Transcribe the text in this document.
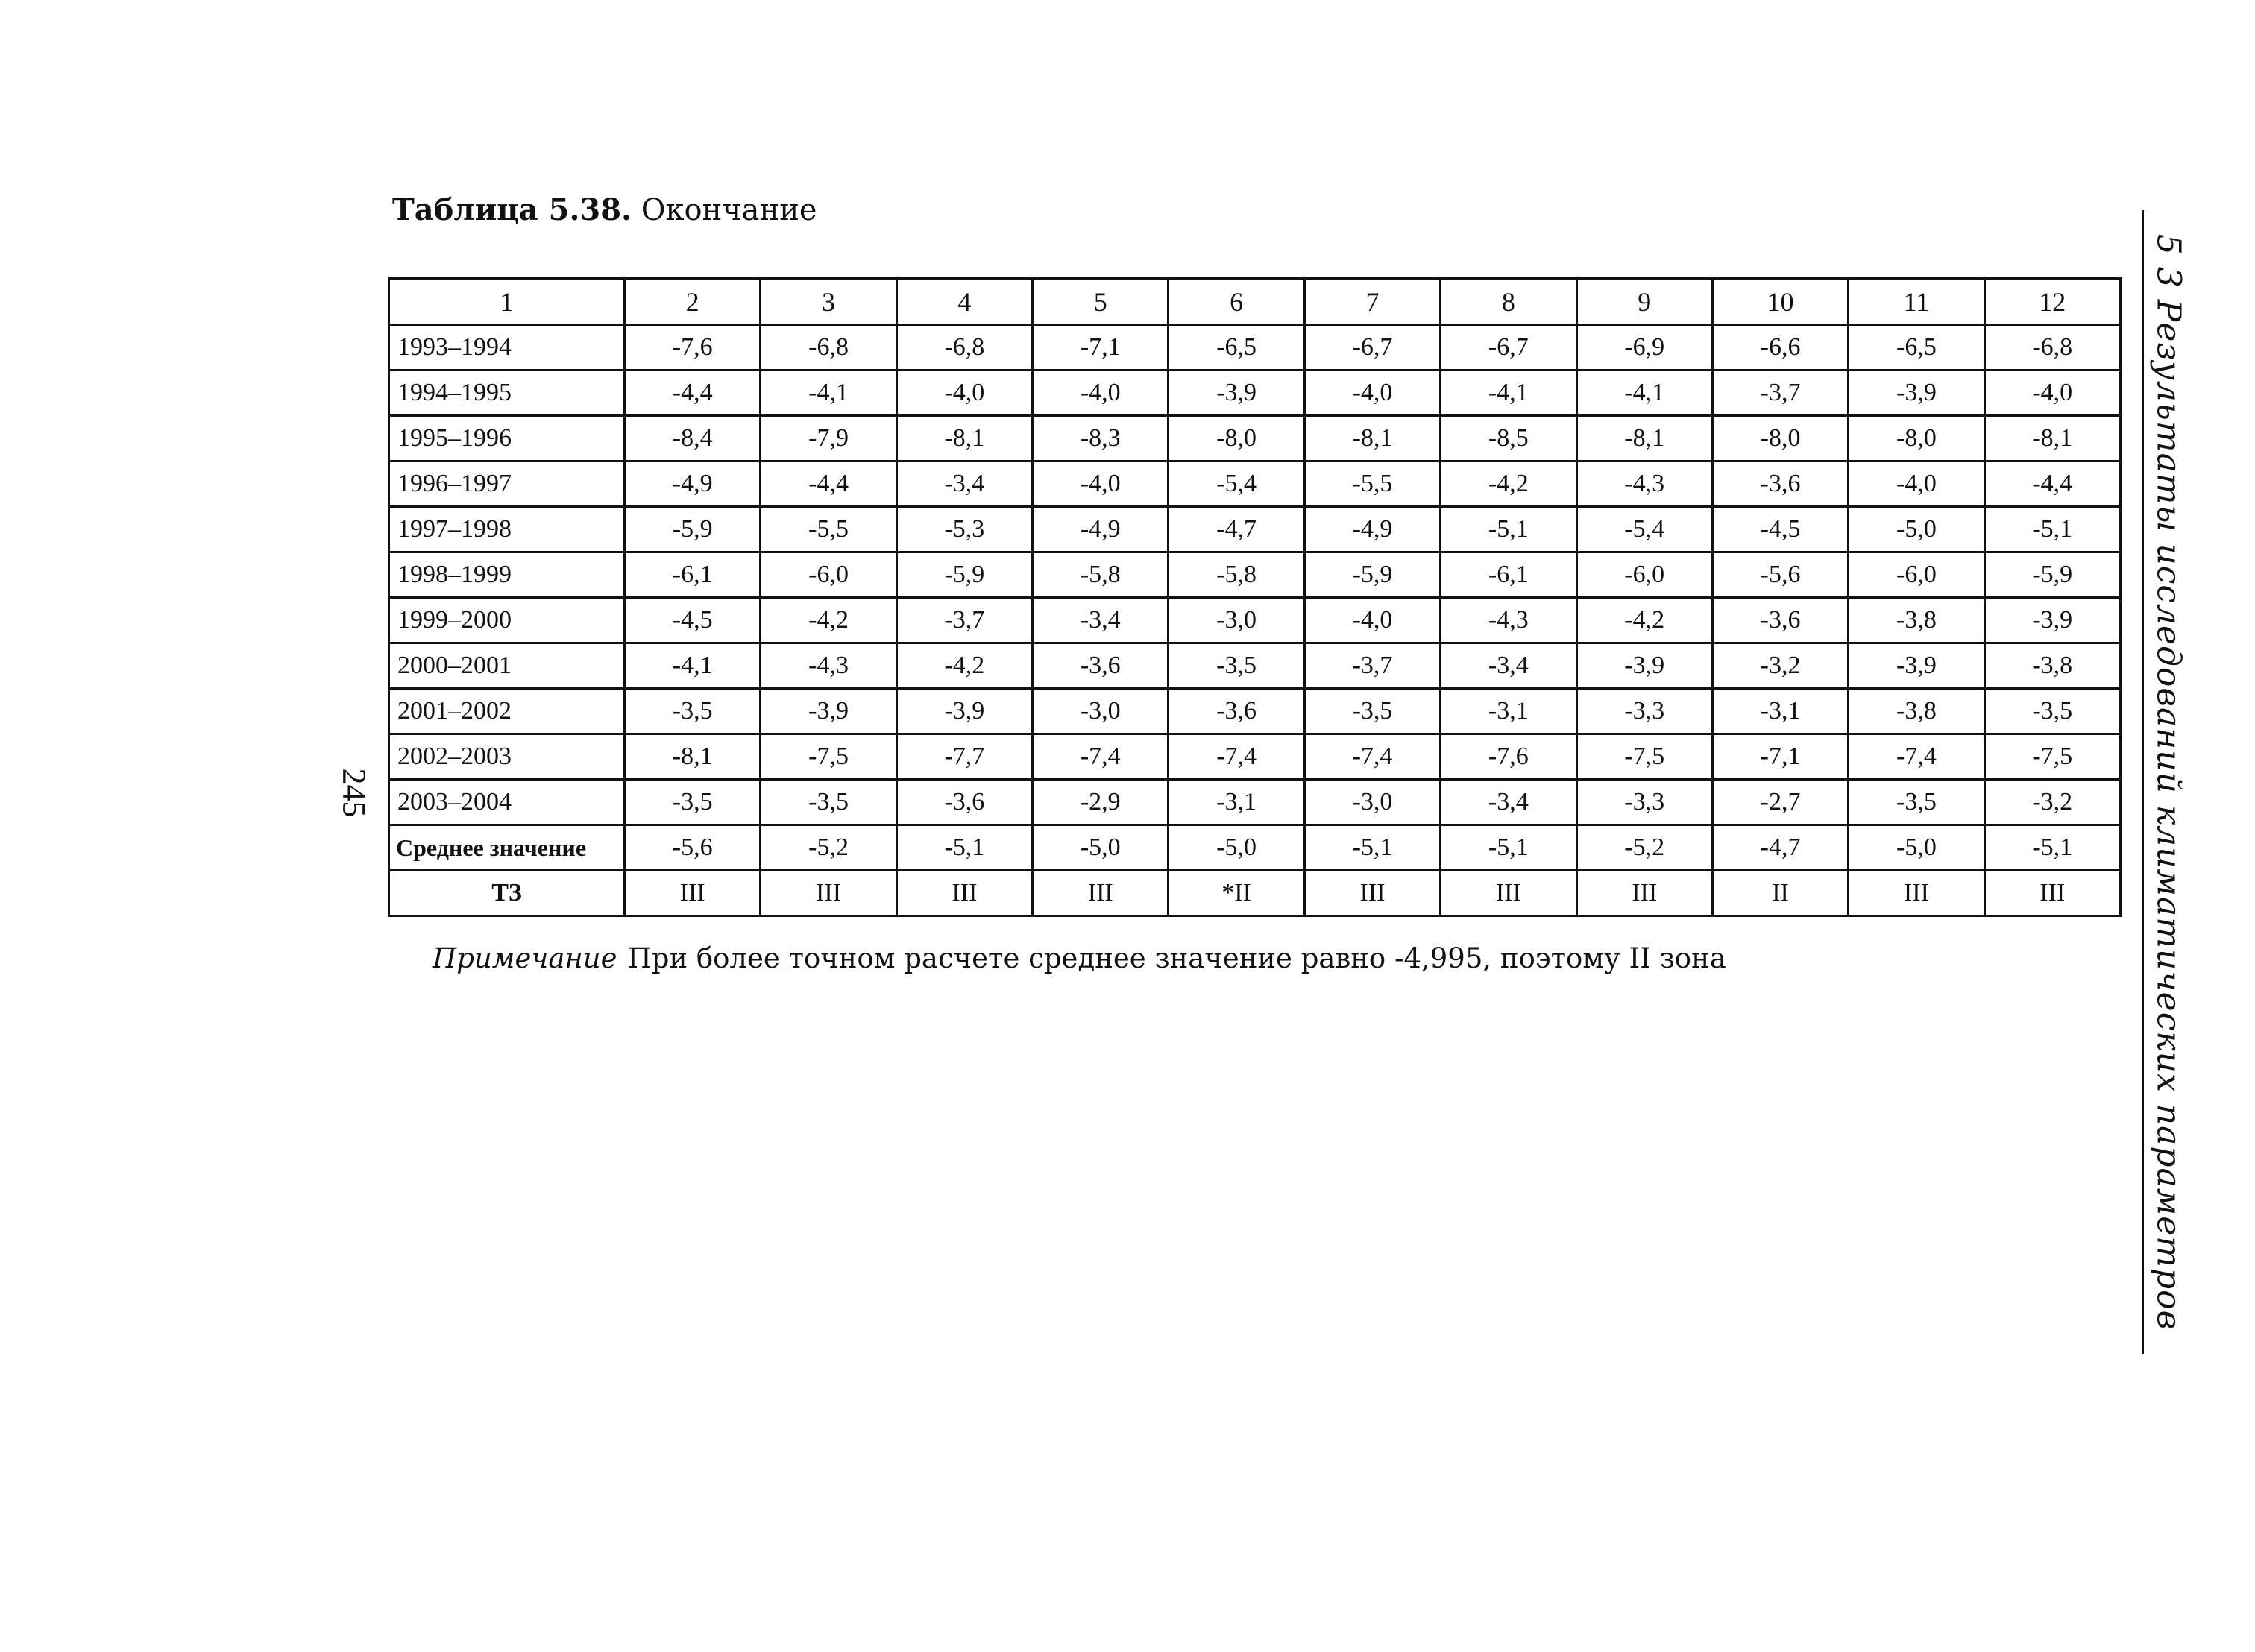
Таблица 5.38. Окончание
245
1	2	3	4	5	6	7	8	9	10	11	12
1993–1994	-7,6	-6,8	-6,8	-7,1	-6,5	-6,7	-6,7	-6,9	-6,6	-6,5	-6,8
1994–1995	-4,4	-4,1	-4,0	-4,0	-3,9	-4,0	-4,1	-4,1	-3,7	-3,9	-4,0
1995–1996	-8,4	-7,9	-8,1	-8,3	-8,0	-8,1	-8,5	-8,1	-8,0	-8,0	-8,1
1996–1997	-4,9	-4,4	-3,4	-4,0	-5,4	-5,5	-4,2	-4,3	-3,6	-4,0	-4,4
1997–1998	-5,9	-5,5	-5,3	-4,9	-4,7	-4,9	-5,1	-5,4	-4,5	-5,0	-5,1
1998–1999	-6,1	-6,0	-5,9	-5,8	-5,8	-5,9	-6,1	-6,0	-5,6	-6,0	-5,9
1999–2000	-4,5	-4,2	-3,7	-3,4	-3,0	-4,0	-4,3	-4,2	-3,6	-3,8	-3,9
2000–2001	-4,1	-4,3	-4,2	-3,6	-3,5	-3,7	-3,4	-3,9	-3,2	-3,9	-3,8
2001–2002	-3,5	-3,9	-3,9	-3,0	-3,6	-3,5	-3,1	-3,3	-3,1	-3,8	-3,5
2002–2003	-8,1	-7,5	-7,7	-7,4	-7,4	-7,4	-7,6	-7,5	-7,1	-7,4	-7,5
2003–2004	-3,5	-3,5	-3,6	-2,9	-3,1	-3,0	-3,4	-3,3	-2,7	-3,5	-3,2
Среднее значение	-5,6	-5,2	-5,1	-5,0	-5,0	-5,1	-5,1	-5,2	-4,7	-5,0	-5,1
ТЗ	III	III	III	III	*II	III	III	III	II	III	III
Примечание При более точном расчете среднее значение равно -4,995, поэтому II зона	5 3 Результаты исследований климатических параметров
